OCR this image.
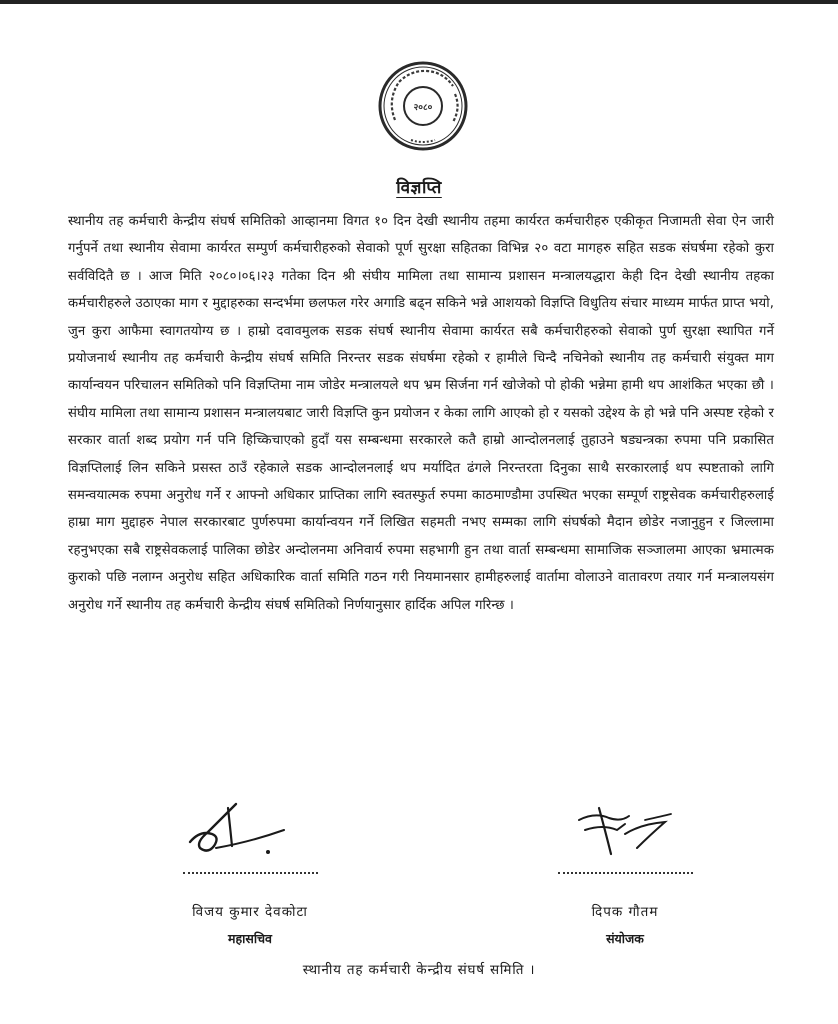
२०८०
विज्ञप्ति
स्थानीय तह कर्मचारी केन्द्रीय संघर्ष समितिको आव्हानमा विगत १० दिन देखी स्थानीय तहमा कार्यरत कर्मचारीहरु एकीकृत निजामती सेवा ऐन जारी गर्नुपर्ने तथा स्थानीय सेवामा कार्यरत सम्पुर्ण कर्मचारीहरुको सेवाको पूर्ण सुरक्षा सहितका विभिन्न २० वटा मागहरु सहित सडक संघर्षमा रहेको कुरा सर्वविदितै छ । आज मिति २०८०।०६।२३ गतेका दिन श्री संघीय मामिला तथा सामान्य प्रशासन मन्त्रालयद्धारा केही दिन देखी स्थानीय तहका कर्मचारीहरुले उठाएका माग र मुद्दाहरुका सन्दर्भमा छलफल गरेर अगाडि बढ्न सकिने भन्ने आशयको विज्ञप्ति विधुतिय संचार माध्यम मार्फत प्राप्त भयो, जुन कुरा आफैमा स्वागतयोग्य छ । हाम्रो दवावमुलक सडक संघर्ष स्थानीय सेवामा कार्यरत सबै कर्मचारीहरुको सेवाको पुर्ण सुरक्षा स्थापित गर्ने प्रयोजनार्थ स्थानीय तह कर्मचारी केन्द्रीय संघर्ष समिति निरन्तर सडक संघर्षमा रहेको र हामीले चिन्दै नचिनेको स्थानीय तह कर्मचारी संयुक्त माग कार्यान्वयन परिचालन समितिको पनि विज्ञप्तिमा नाम जोडेर मन्त्रालयले थप भ्रम सिर्जना गर्न खोजेको पो होकी भन्नेमा हामी थप आशंकित भएका छौ । संघीय मामिला तथा सामान्य प्रशासन मन्त्रालयबाट जारी विज्ञप्ति कुन प्रयोजन र केका लागि आएको हो र यसको उद्देश्य के हो भन्ने पनि अस्पष्ट रहेको र सरकार वार्ता शब्द प्रयोग गर्न पनि हिच्किचाएको हुदाँ यस सम्बन्धमा सरकारले कतै हाम्रो आन्दोलनलाई तुहाउने षड्यन्त्रका रुपमा पनि प्रकासित विज्ञप्तिलाई लिन सकिने प्रसस्त ठाउँ रहेकाले सडक आन्दोलनलाई थप मर्यादित ढंगले निरन्तरता दिनुका साथै सरकारलाई थप स्पष्टताको लागि समन्वयात्मक रुपमा अनुरोध गर्ने र आफ्नो अधिकार प्राप्तिका लागि स्वतस्फुर्त रुपमा काठमाण्डौमा उपस्थित भएका सम्पूर्ण राष्ट्रसेवक कर्मचारीहरुलाई हाम्रा माग मुद्दाहरु नेपाल सरकारबाट पुर्णरुपमा कार्यान्वयन गर्ने लिखित सहमती नभए सम्मका लागि संघर्षको मैदान छोडेर नजानुहुन र जिल्लामा रहनुभएका सबै राष्ट्रसेवकलाई पालिका छोडेर अन्दोलनमा अनिवार्य रुपमा सहभागी हुन तथा वार्ता सम्बन्धमा सामाजिक सञ्जालमा आएका भ्रमात्मक कुराको पछि नलाग्न अनुरोध सहित अधिकारिक वार्ता समिति गठन गरी नियमानसार हामीहरुलाई वार्तामा वोलाउने वातावरण तयार गर्न मन्त्रालयसंग अनुरोध गर्ने स्थानीय तह कर्मचारी केन्द्रीय संघर्ष समितिको निर्णयानुसार हार्दिक अपिल गरिन्छ ।
विजय कुमार देवकोटा
महासचिव
दिपक गौतम
संयोजक
स्थानीय तह कर्मचारी केन्द्रीय संघर्ष समिति ।
